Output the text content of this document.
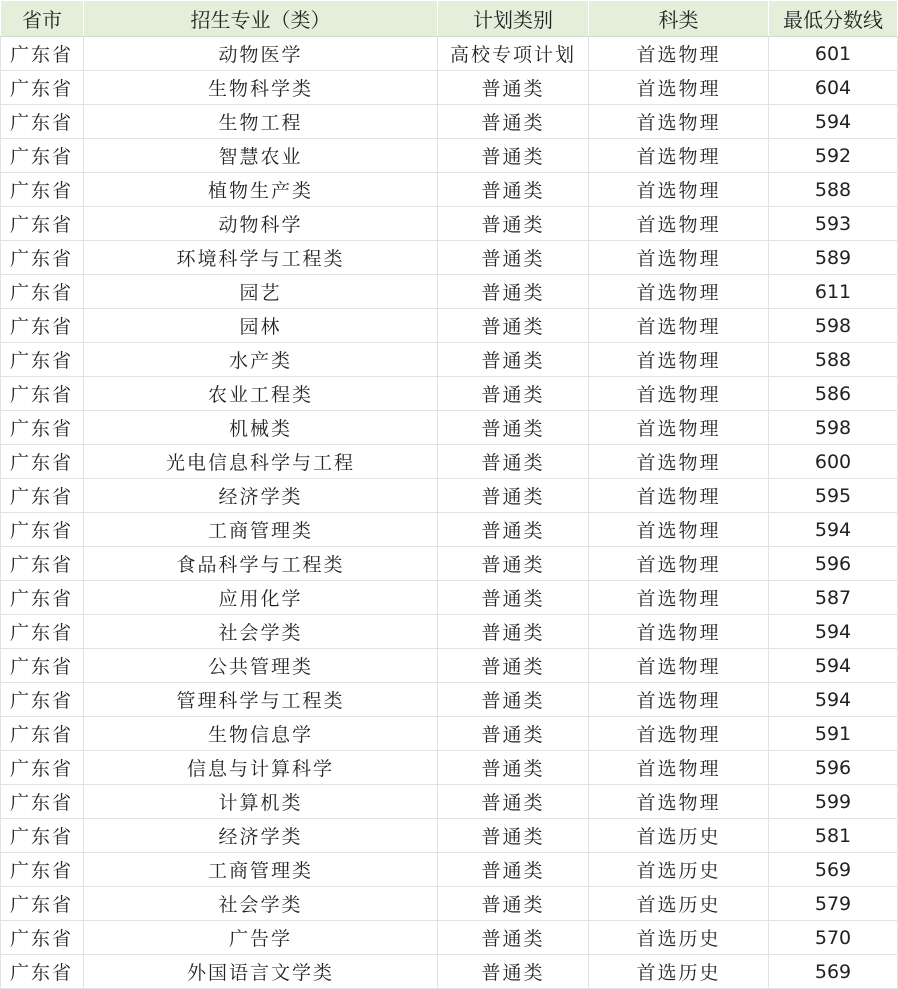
省市	招生专业（类）	计划类别	科类	最低分数线
广东省	动物医学	高校专项计划	首选物理	601
广东省	生物科学类	普通类	首选物理	604
广东省	生物工程	普通类	首选物理	594
广东省	智慧农业	普通类	首选物理	592
广东省	植物生产类	普通类	首选物理	588
广东省	动物科学	普通类	首选物理	593
广东省	环境科学与工程类	普通类	首选物理	589
广东省	园艺	普通类	首选物理	611
广东省	园林	普通类	首选物理	598
广东省	水产类	普通类	首选物理	588
广东省	农业工程类	普通类	首选物理	586
广东省	机械类	普通类	首选物理	598
广东省	光电信息科学与工程	普通类	首选物理	600
广东省	经济学类	普通类	首选物理	595
广东省	工商管理类	普通类	首选物理	594
广东省	食品科学与工程类	普通类	首选物理	596
广东省	应用化学	普通类	首选物理	587
广东省	社会学类	普通类	首选物理	594
广东省	公共管理类	普通类	首选物理	594
广东省	管理科学与工程类	普通类	首选物理	594
广东省	生物信息学	普通类	首选物理	591
广东省	信息与计算科学	普通类	首选物理	596
广东省	计算机类	普通类	首选物理	599
广东省	经济学类	普通类	首选历史	581
广东省	工商管理类	普通类	首选历史	569
广东省	社会学类	普通类	首选历史	579
广东省	广告学	普通类	首选历史	570
广东省	外国语言文学类	普通类	首选历史	569
